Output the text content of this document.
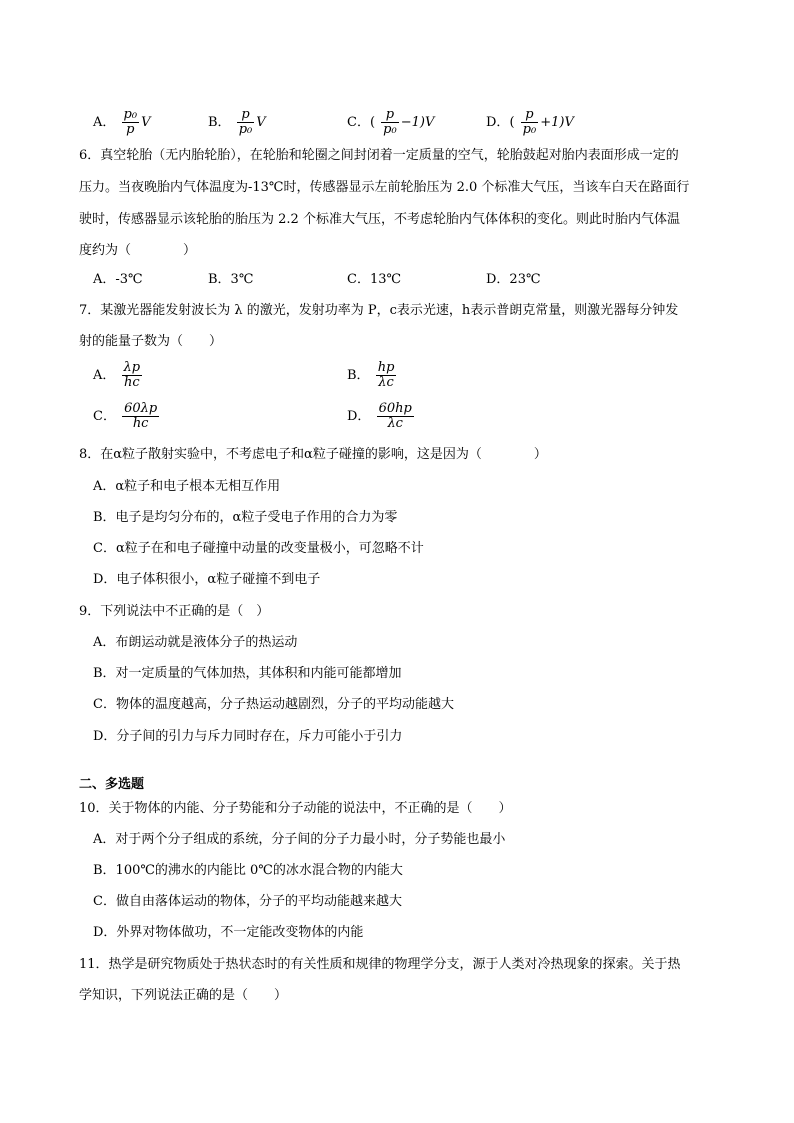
A． $\frac{\text{p₀}}{p}$ V	B． $\frac{p}{\text{p₀}}$ V	C．( $\frac{p}{\text{p₀}} -1)V$	D．( $\frac{p}{\text{p₀}} +1)V$
6．真空轮胎（无内胎轮胎），在轮胎和轮圈之间封闭着一定质量的空气，轮胎鼓起对胎内表面形成一定的
压力。当夜晚胎内气体温度为-13℃时，传感器显示左前轮胎压为 2.0 个标准大气压，当该车白天在路面行
驶时，传感器显示该轮胎的胎压为 2.2 个标准大气压，不考虑轮胎内气体体积的变化。则此时胎内气体温
度约为（　　　　）
A．-3℃	B．3℃	C．13℃	D．23℃
7．某激光器能发射波长为 λ 的激光，发射功率为 P，c表示光速，h表示普朗克常量，则激光器每分钟发
射的能量子数为（　　）
A． $\frac{\lambda p}{hc}$	B． $\frac{hp}{\lambda c}$
C． $\frac{60\lambda p}{hc}$	D． $\frac{60hp}{\lambda c}$
8．在α粒子散射实验中，不考虑电子和α粒子碰撞的影响，这是因为（　　　　）
A．α粒子和电子根本无相互作用
B．电子是均匀分布的，α粒子受电子作用的合力为零
C．α粒子在和电子碰撞中动量的改变量极小，可忽略不计
D．电子体积很小，α粒子碰撞不到电子
9．下列说法中不正确的是（　）
A．布朗运动就是液体分子的热运动
B．对一定质量的气体加热，其体积和内能可能都增加
C．物体的温度越高，分子热运动越剧烈，分子的平均动能越大
D．分子间的引力与斥力同时存在，斥力可能小于引力
二、多选题
10．关于物体的内能、分子势能和分子动能的说法中，不正确的是（　　）
A．对于两个分子组成的系统，分子间的分子力最小时，分子势能也最小
B．100℃的沸水的内能比 0℃的冰水混合物的内能大
C．做自由落体运动的物体，分子的平均动能越来越大
D．外界对物体做功，不一定能改变物体的内能
11．热学是研究物质处于热状态时的有关性质和规律的物理学分支，源于人类对冷热现象的探索。关于热
学知识，下列说法正确的是（　　）
